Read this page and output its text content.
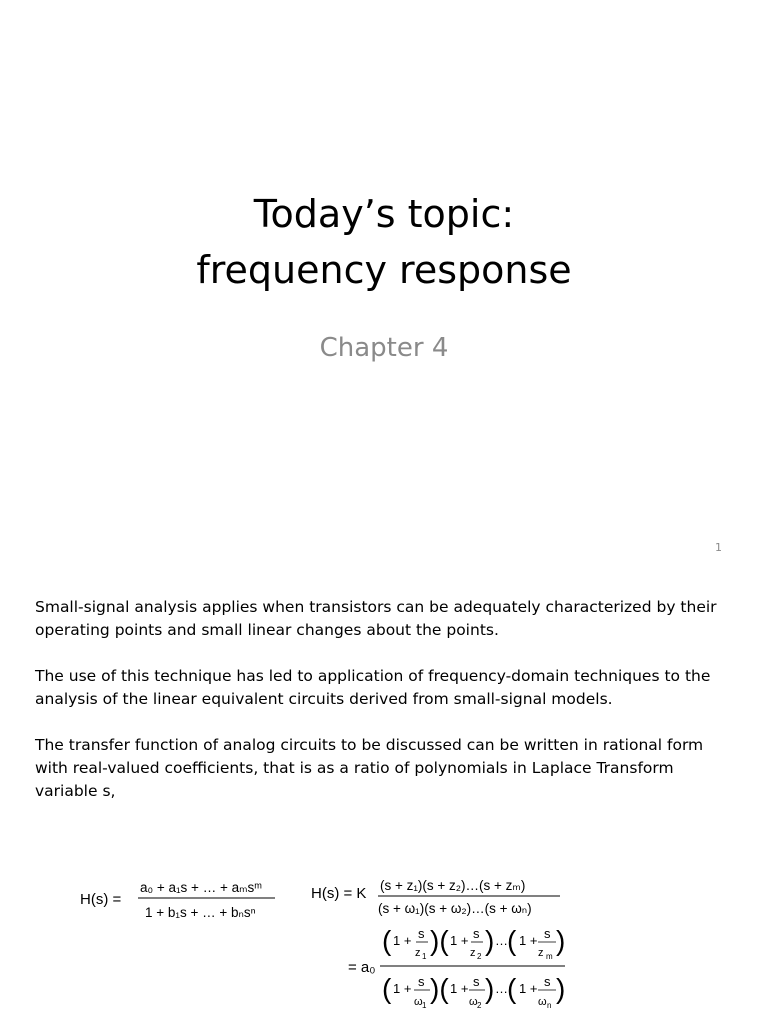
Today’s topic:
frequency response
Chapter 4
1

Small-signal analysis applies when transistors can be adequately characterized by their operating points and small linear changes about the points.

The use of this technique has led to application of frequency-domain techniques to the analysis of the linear equivalent circuits derived from small-signal models.

The transfer function of analog circuits to be discussed can be written in rational form with real-valued coefficients, that is as a ratio of polynomials in Laplace Transform variable s,

H(s) =
a₀ + a₁s + … + aₘsᵐ
1 + b₁s + … + bₙsⁿ
H(s) = K (s + z₁)(s + z₂)…(s + zₘ)
(s + ω₁)(s + ω₂)…(s + ωₙ)
= a₀
( 1 + s
z 1
)( 1 + s
z 2
) … ( 1 + s
z m
)
( 1 + s
ω 1
)( 1 + s
ω 2
) … ( 1 + s
ω n
)
